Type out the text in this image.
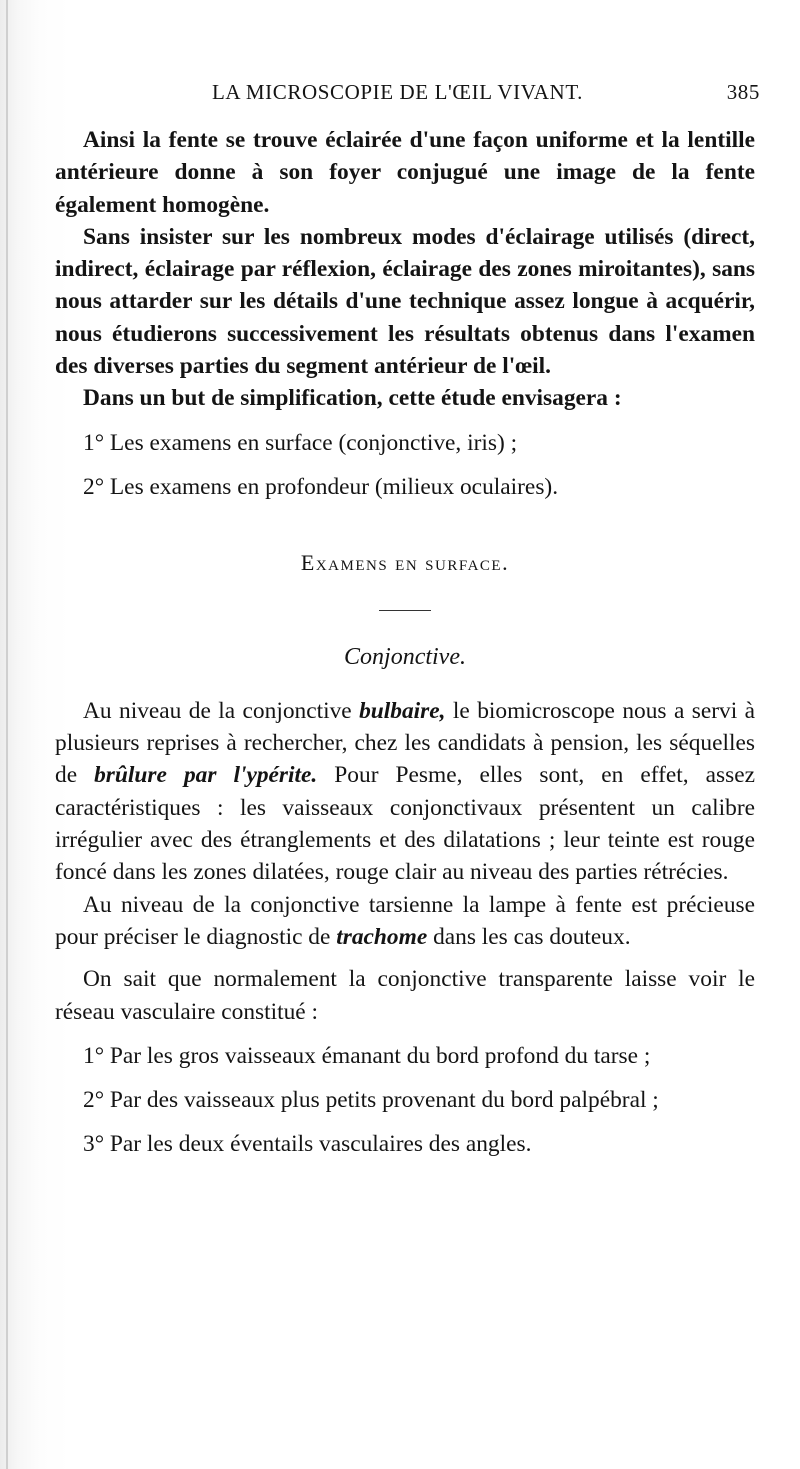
LA MICROSCOPIE DE L'ŒIL VIVANT.	385

Ainsi la fente se trouve éclairée d'une façon uniforme et la lentille antérieure donne à son foyer conjugué une image de la fente également homogène.

Sans insister sur les nombreux modes d'éclairage utilisés (direct, indirect, éclairage par réflexion, éclairage des zones miroitantes), sans nous attarder sur les détails d'une technique assez longue à acquérir, nous étudierons successivement les résultats obtenus dans l'examen des diverses parties du segment antérieur de l'œil.

Dans un but de simplification, cette étude envisagera :

1° Les examens en surface (conjonctive, iris) ;

2° Les examens en profondeur (milieux oculaires).

Examens en surface.
Conjonctive.

Au niveau de la conjonctive bulbaire, le biomicroscope nous a servi à plusieurs reprises à rechercher, chez les candidats à pension, les séquelles de brûlure par l'ypérite. Pour Pesme, elles sont, en effet, assez caractéristiques : les vaisseaux conjonctivaux présentent un calibre irrégulier avec des étranglements et des dilatations ; leur teinte est rouge foncé dans les zones dilatées, rouge clair au niveau des parties rétrécies.

Au niveau de la conjonctive tarsienne la lampe à fente est précieuse pour préciser le diagnostic de trachome dans les cas douteux.

On sait que normalement la conjonctive transparente laisse voir le réseau vasculaire constitué :

1° Par les gros vaisseaux émanant du bord profond du tarse ;

2° Par des vaisseaux plus petits provenant du bord palpébral ;

3° Par les deux éventails vasculaires des angles.
